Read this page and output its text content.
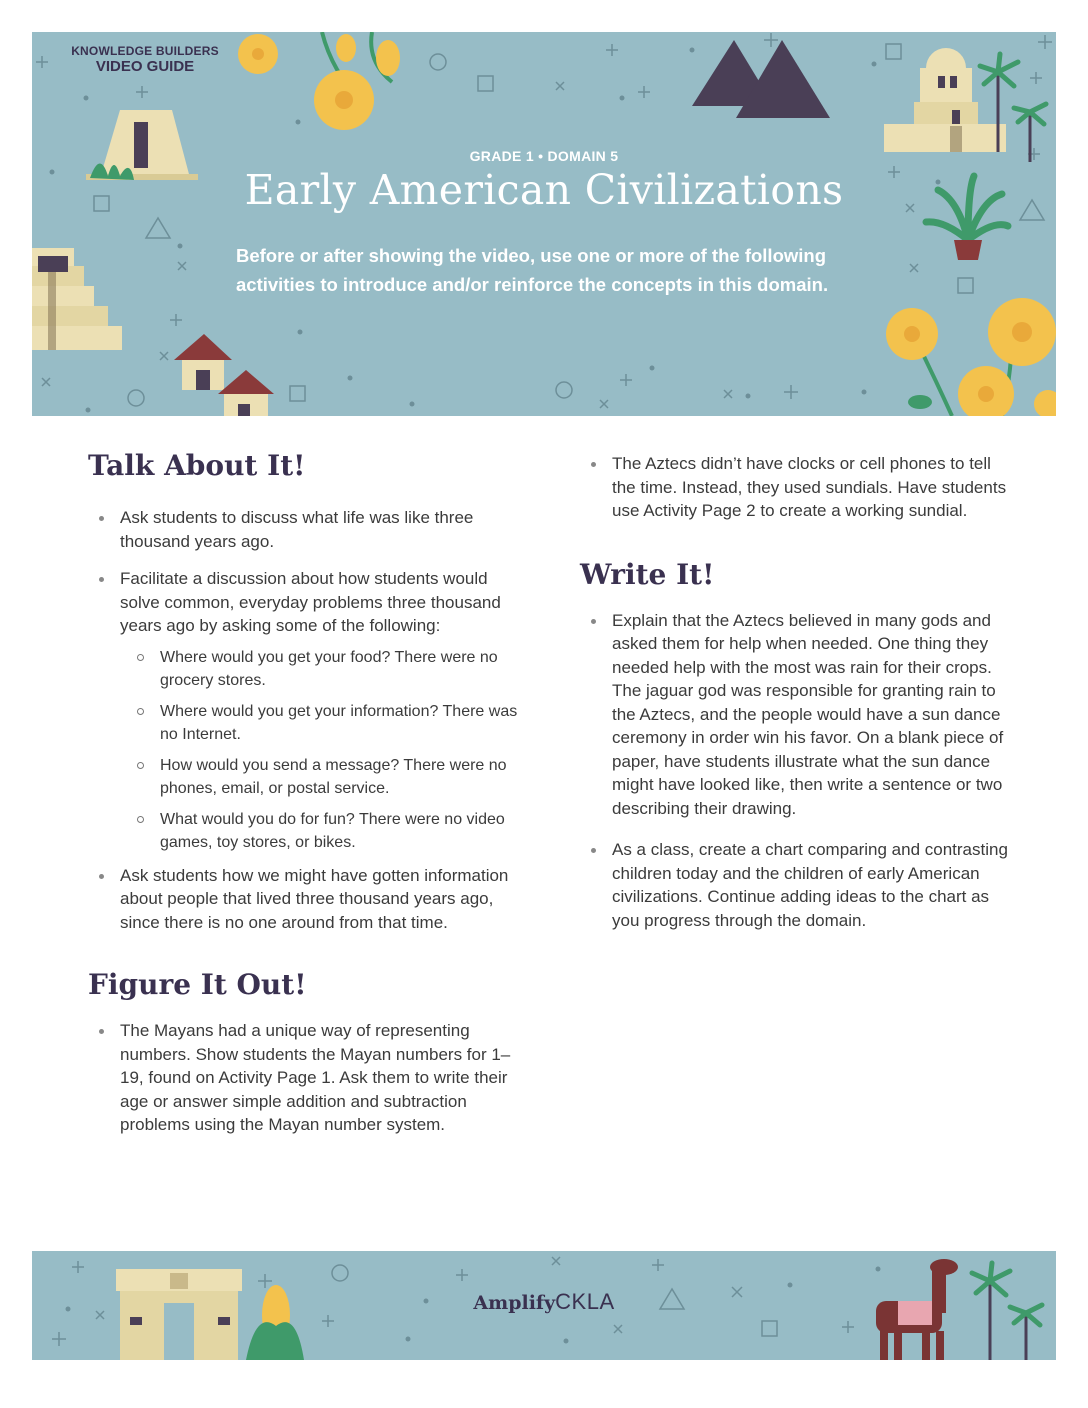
KNOWLEDGE BUILDERS
VIDEO GUIDE
GRADE 1 • DOMAIN 5
Early American Civilizations
Before or after showing the video, use one or more of the following activities to introduce and/or reinforce the concepts in this domain.
Talk About It!
Ask students to discuss what life was like three thousand years ago.
Facilitate a discussion about how students would solve common, everyday problems three thousand years ago by asking some of the following:
Where would you get your food? There were no grocery stores.
Where would you get your information? There was no Internet.
How would you send a message? There were no phones, email, or postal service.
What would you do for fun? There were no video games, toy stores, or bikes.
Ask students how we might have gotten information about people that lived three thousand years ago, since there is no one around from that time.
Figure It Out!
The Mayans had a unique way of representing numbers. Show students the Mayan numbers for 1–19, found on Activity Page 1. Ask them to write their age or answer simple addition and subtraction problems using the Mayan number system.
The Aztecs didn’t have clocks or cell phones to tell the time. Instead, they used sundials. Have students use Activity Page 2 to create a working sundial.
Write It!
Explain that the Aztecs believed in many gods and asked them for help when needed. One thing they needed help with the most was rain for their crops. The jaguar god was responsible for granting rain to the Aztecs, and the people would have a sun dance ceremony in order win his favor. On a blank piece of paper, have students illustrate what the sun dance might have looked like, then write a sentence or two describing their drawing.
As a class, create a chart comparing and contrasting children today and the children of early American civilizations. Continue adding ideas to the chart as you progress through the domain.
AmplifyCKLA
